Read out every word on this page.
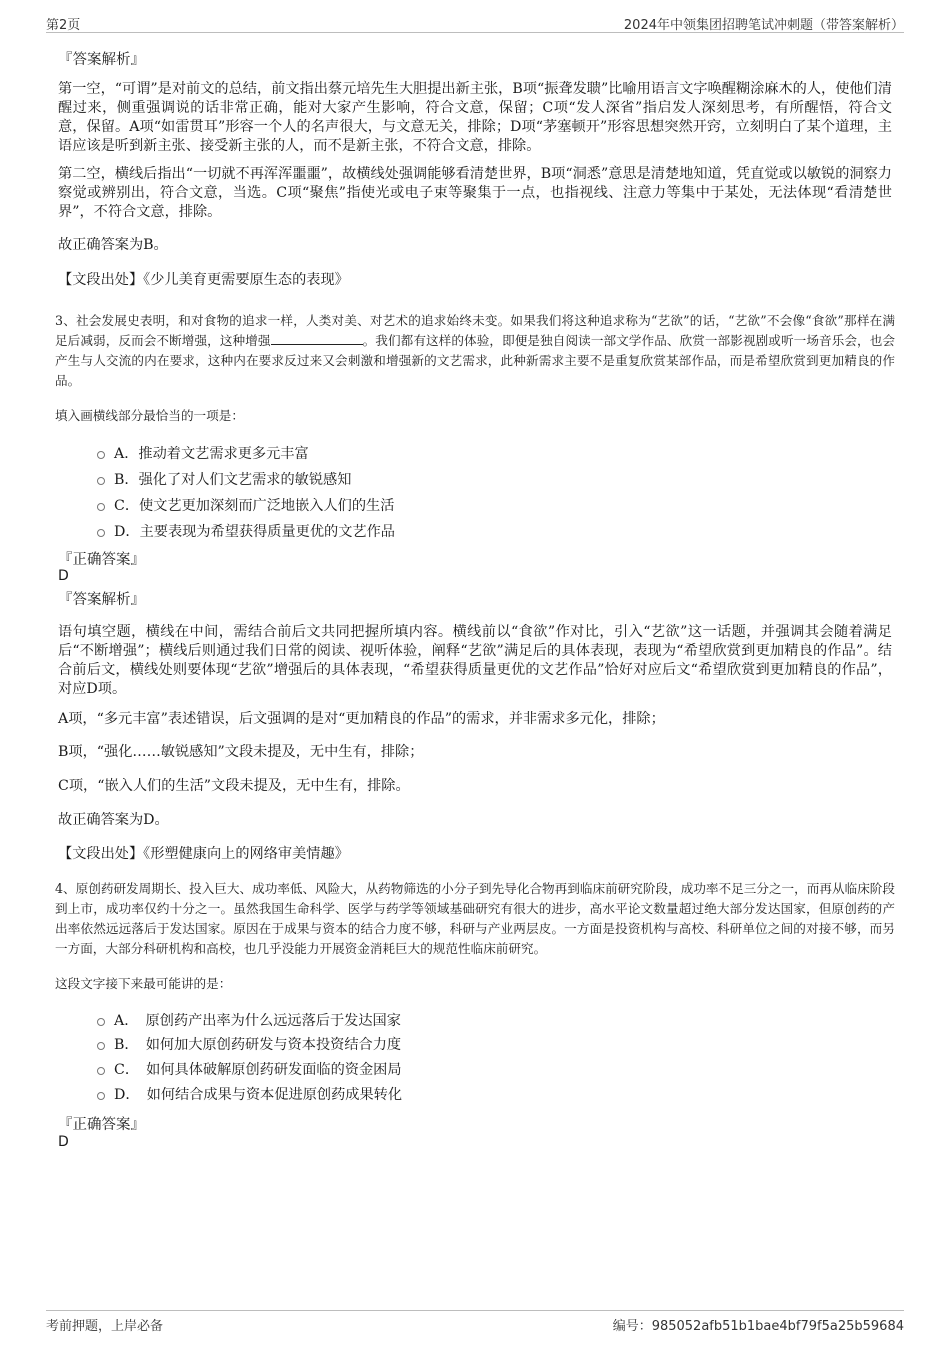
第2页	2024年中领集团招聘笔试冲刺题（带答案解析）
『答案解析』

第一空，“可谓”是对前文的总结，前文指出蔡元培先生大胆提出新主张，B项“振聋发聩”比喻用语言文字唤醒糊涂麻木的人，使他们清醒过来，侧重强调说的话非常正确，能对大家产生影响，符合文意，保留；C项“发人深省”指启发人深刻思考，有所醒悟，符合文意，保留。A项“如雷贯耳”形容一个人的名声很大，与文意无关，排除；D项“茅塞顿开”形容思想突然开窍，立刻明白了某个道理，主语应该是听到新主张、接受新主张的人，而不是新主张，不符合文意，排除。

第二空，横线后指出“一切就不再浑浑噩噩”，故横线处强调能够看清楚世界，B项“洞悉”意思是清楚地知道，凭直觉或以敏锐的洞察力察觉或辨别出，符合文意，当选。C项“聚焦”指使光或电子束等聚集于一点，也指视线、注意力等集中于某处，无法体现“看清楚世界”，不符合文意，排除。

故正确答案为B。

【文段出处】《少儿美育更需要原生态的表现》

3、社会发展史表明，和对食物的追求一样，人类对美、对艺术的追求始终未变。如果我们将这种追求称为“艺欲”的话，“艺欲”不会像“食欲”那样在满足后减弱，反而会不断增强，这种增强	。我们都有这样的体验，即便是独自阅读一部文学作品、欣赏一部影视剧或听一场音乐会，也会产生与人交流的内在要求，这种内在要求反过来又会刺激和增强新的文艺需求，此种新需求主要不是重复欣赏某部作品，而是希望欣赏到更加精良的作品。

填入画横线部分最恰当的一项是：
A．推动着文艺需求更多元丰富
B．强化了对人们文艺需求的敏锐感知
C．使文艺更加深刻而广泛地嵌入人们的生活
D．主要表现为希望获得质量更优的文艺作品
『正确答案』
D
『答案解析』

语句填空题，横线在中间，需结合前后文共同把握所填内容。横线前以“食欲”作对比，引入“艺欲”这一话题，并强调其会随着满足后“不断增强”；横线后则通过我们日常的阅读、视听体验，阐释“艺欲”满足后的具体表现，表现为“希望欣赏到更加精良的作品”。结合前后文，横线处则要体现“艺欲”增强后的具体表现，“希望获得质量更优的文艺作品”恰好对应后文“希望欣赏到更加精良的作品”，对应D项。

A项，“多元丰富”表述错误，后文强调的是对“更加精良的作品”的需求，并非需求多元化，排除；

B项，“强化……敏锐感知”文段未提及，无中生有，排除；

C项，“嵌入人们的生活”文段未提及，无中生有，排除。

故正确答案为D。

【文段出处】《形塑健康向上的网络审美情趣》

4、原创药研发周期长、投入巨大、成功率低、风险大，从药物筛选的小分子到先导化合物再到临床前研究阶段，成功率不足三分之一，而再从临床阶段到上市，成功率仅约十分之一。虽然我国生命科学、医学与药学等领域基础研究有很大的进步，高水平论文数量超过绝大部分发达国家，但原创药的产出率依然远远落后于发达国家。原因在于成果与资本的结合力度不够，科研与产业两层皮。一方面是投资机构与高校、科研单位之间的对接不够，而另一方面，大部分科研机构和高校，也几乎没能力开展资金消耗巨大的规范性临床前研究。

这段文字接下来最可能讲的是：
A．　原创药产出率为什么远远落后于发达国家
B．　如何加大原创药研发与资本投资结合力度
C．　如何具体破解原创药研发面临的资金困局
D．　如何结合成果与资本促进原创药成果转化
『正确答案』
D
考前押题，上岸必备	编号：985052afb51b1bae4bf79f5a25b59684
